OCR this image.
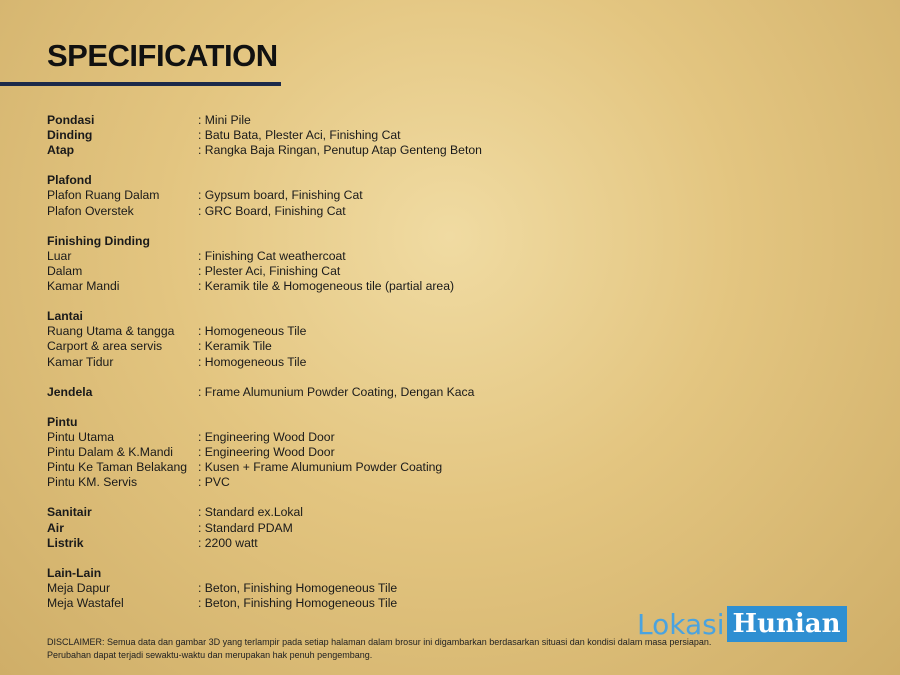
SPECIFICATION
Pondasi	: Mini Pile
Dinding	: Batu Bata, Plester Aci, Finishing Cat
Atap	: Rangka Baja Ringan, Penutup Atap Genteng Beton
Plafond
Plafon Ruang Dalam	: Gypsum board, Finishing Cat
Plafon Overstek	: GRC Board, Finishing Cat
Finishing Dinding
Luar	: Finishing Cat weathercoat
Dalam	: Plester Aci, Finishing Cat
Kamar Mandi	: Keramik tile & Homogeneous tile (partial area)
Lantai
Ruang Utama & tangga	: Homogeneous Tile
Carport & area servis	: Keramik Tile
Kamar Tidur	: Homogeneous Tile
Jendela	: Frame Alumunium Powder Coating, Dengan Kaca
Pintu
Pintu Utama	: Engineering Wood Door
Pintu Dalam & K.Mandi	: Engineering Wood Door
Pintu Ke Taman Belakang : Kusen + Frame Alumunium Powder Coating
Pintu KM. Servis	: PVC
Sanitair	: Standard ex.Lokal
Air	: Standard PDAM
Listrik	: 2200 watt
Lain-Lain
Meja Dapur	: Beton, Finishing Homogeneous Tile
Meja Wastafel	: Beton, Finishing Homogeneous Tile
Lokasi Hunian
DISCLAIMER: Semua data dan gambar 3D yang terlampir pada setiap halaman dalam brosur ini digambarkan berdasarkan situasi dan kondisi dalam masa persiapan.
Perubahan dapat terjadi sewaktu-waktu dan merupakan hak penuh pengembang.
